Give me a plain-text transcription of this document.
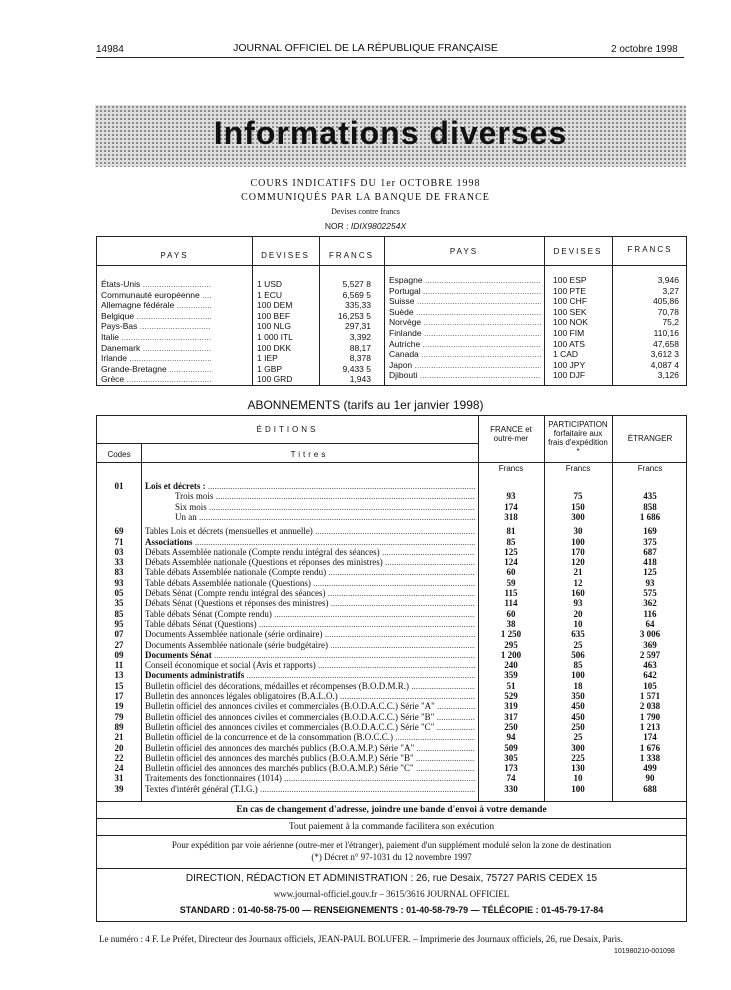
14984	JOURNAL OFFICIEL DE LA RÉPUBLIQUE FRANÇAISE	2 octobre 1998
Informations diverses
COURS INDICATIFS DU 1er OCTOBRE 1998
COMMUNIQUÉS PAR LA BANQUE DE FRANCE
Devises contre francs
NOR : IDIX9802254X
PAYS	DEVISES	FRANCS	PAYS	DEVISES	FRANCS
États-Unis .....	1 USD	5,527 8
Communauté européenne .....	1 ECU	6,569 5
Allemagne fédérale .....	100 DEM	335,33
Belgique .....	100 BEF	16,253 5
Pays-Bas .....	100 NLG	297,31
Italie .....	1 000 ITL	3,392
Danemark .....	100 DKK	88,17
Irlande .....	1 IEP	8,378
Grande-Bretagne .....	1 GBP	9,433 5
Grèce .....	100 GRD	1,943
Espagne .....	100 ESP	3,946
Portugal .....	100 PTE	3,27
Suisse .....	100 CHF	405,86
Suède .....	100 SEK	70,78
Norvège .....	100 NOK	75,2
Finlande .....	100 FIM	110,16
Autriche .....	100 ATS	47,658
Canada .....	1 CAD	3,612 3
Japon .....	100 JPY	4,087 4
Djibouti .....	100 DJF	3,126
ABONNEMENTS (tarifs au 1er janvier 1998)
ÉDITIONS
Codes	Titres
FRANCE et outre-mer
PARTICIPATION forfaitaire aux frais d'expédition *
ÉTRANGER
Francs	Francs	Francs
01	Lois et décrets : .....
Trois mois .....	93	75	435
Six mois .....	174	150	858
Un an .....	318	300	1 686
69	Tables Lois et décrets (mensuelles et annuelle) .....	81	30	169
71	Associations .....	85	100	375
03	Débats Assemblée nationale (Compte rendu intégral des séances) .....	125	170	687
33	Débats Assemblée nationale (Questions et réponses des ministres) .....	124	120	418
83	Table débats Assemblée nationale (Compte rendu) .....	60	21	125
93	Table débats Assemblée nationale (Questions) .....	59	12	93
05	Débats Sénat (Compte rendu intégral des séances) .....	115	160	575
35	Débats Sénat (Questions et réponses des ministres) .....	114	93	362
85	Table débats Sénat (Compte rendu) .....	60	20	116
95	Table débats Sénat (Questions) .....	38	10	64
07	Documents Assemblée nationale (série ordinaire) .....	1 250	635	3 006
27	Documents Assemblée nationale (série budgétaire) .....	295	25	369
09	Documents Sénat .....	1 200	506	2 597
11	Conseil économique et social (Avis et rapports) .....	240	85	463
13	Documents administratifs .....	359	100	642
15	Bulletin officiel des décorations, médailles et récompenses (B.O.D.M.R.) .....	51	18	105
17	Bulletin des annonces légales obligatoires (B.A.L.O.) .....	529	350	1 571
19	Bulletin officiel des annonces civiles et commerciales (B.O.D.A.C.C.) Série "A" .....	319	450	2 038
79	Bulletin officiel des annonces civiles et commerciales (B.O.D.A.C.C.) Série "B" .....	317	450	1 790
89	Bulletin officiel des annonces civiles et commerciales (B.O.D.A.C.C.) Série "C" .....	250	250	1 213
21	Bulletin officiel de la concurrence et de la consommation (B.O.C.C.) .....	94	25	174
20	Bulletin officiel des annonces des marchés publics (B.O.A.M.P.) Série "A" .....	509	300	1 676
22	Bulletin officiel des annonces des marchés publics (B.O.A.M.P.) Série "B" .....	305	225	1 338
24	Bulletin officiel des annonces des marchés publics (B.O.A.M.P.) Série "C" .....	173	130	499
31	Traitements des fonctionnaires (1014) .....	74	10	90
39	Textes d'intérêt général (T.I.G.) .....	330	100	688
En cas de changement d'adresse, joindre une bande d'envoi à votre demande
Tout paiement à la commande facilitera son exécution
Pour expédition par voie aérienne (outre-mer et l'étranger), paiement d'un supplément modulé selon la zone de destination
(*) Décret n° 97-1031 du 12 novembre 1997
DIRECTION, RÉDACTION ET ADMINISTRATION : 26, rue Desaix, 75727 PARIS CEDEX 15
www.journal-officiel.gouv.fr – 3615/3616 JOURNAL OFFICIEL
STANDARD : 01-40-58-75-00 — RENSEIGNEMENTS : 01-40-58-79-79 — TÉLÉCOPIE : 01-45-79-17-84
Le numéro : 4 F. Le Préfet, Directeur des Journaux officiels, JEAN-PAUL BOLUFER. – Imprimerie des Journaux officiels, 26, rue Desaix, Paris.
101980210-001098
